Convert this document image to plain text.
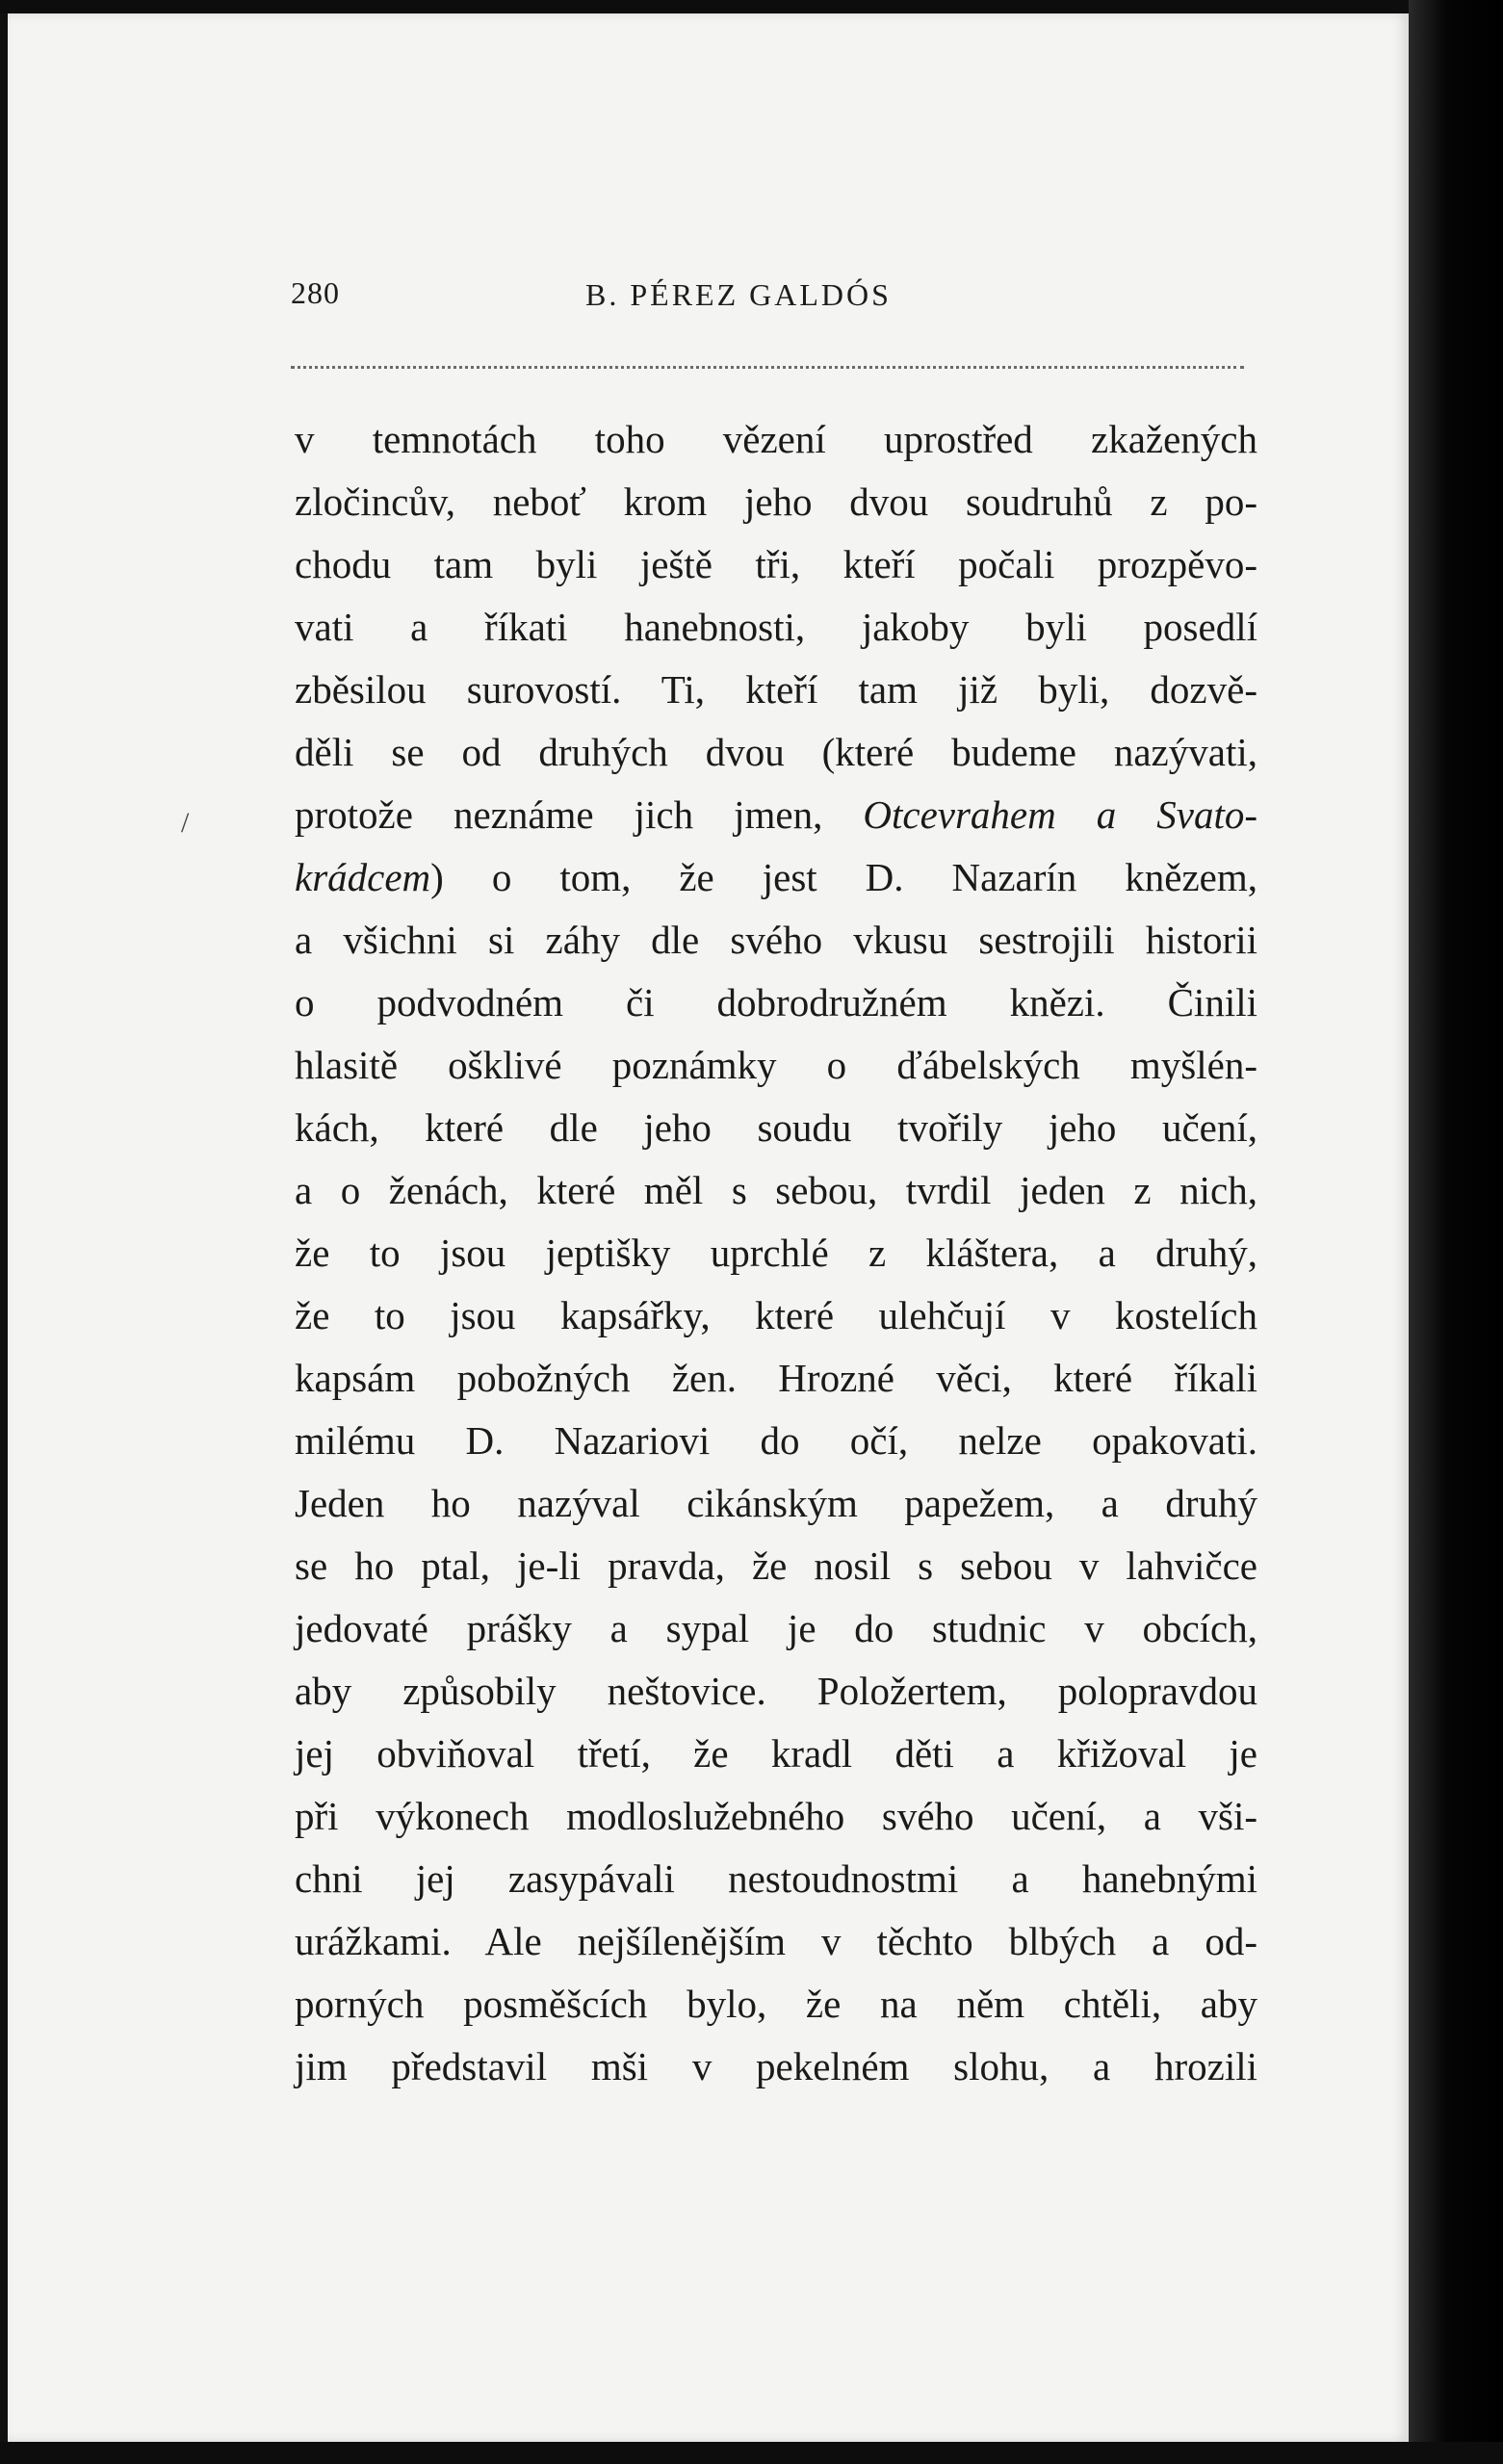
280	B. PÉREZ GALDÓS
/
v temnotách toho vězení uprostřed zkažených
zločincův, neboť krom jeho dvou soudruhů z po-
chodu tam byli ještě tři, kteří počali prozpěvo-
vati a říkati hanebnosti, jakoby byli posedlí
zběsilou surovostí. Ti, kteří tam již byli, dozvě-
děli se od druhých dvou (které budeme nazývati,
protože neznáme jich jmen, Otcevrahem a Svato-
krádcem) o tom, že jest D. Nazarín knězem,
a všichni si záhy dle svého vkusu sestrojili historii
o podvodném či dobrodružném knězi. Činili
hlasitě ošklivé poznámky o ďábelských myšlén-
kách, které dle jeho soudu tvořily jeho učení,
a o ženách, které měl s sebou, tvrdil jeden z nich,
že to jsou jeptišky uprchlé z kláštera, a druhý,
že to jsou kapsářky, které ulehčují v kostelích
kapsám pobožných žen. Hrozné věci, které říkali
milému D. Nazariovi do očí, nelze opakovati.
Jeden ho nazýval cikánským papežem, a druhý
se ho ptal, je-li pravda, že nosil s sebou v lahvičce
jedovaté prášky a sypal je do studnic v obcích,
aby způsobily neštovice. Položertem, polopravdou
jej obviňoval třetí, že kradl děti a křižoval je
při výkonech modloslužebného svého učení, a vši-
chni jej zasypávali nestoudnostmi a hanebnými
urážkami. Ale nejšílenějším v těchto blbých a od-
porných posměšcích bylo, že na něm chtěli, aby
jim představil mši v pekelném slohu, a hrozili
